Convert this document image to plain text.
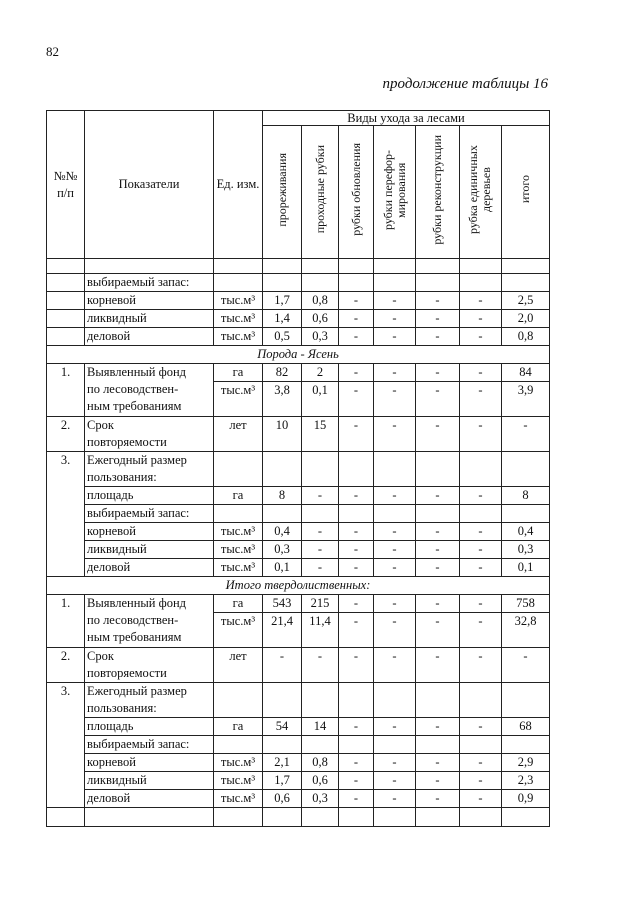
82
продолжение таблицы 16
№№ п/п	Показатели	Ед. изм.	Виды ухода за лесами						
			прореживания	проходные рубки	рубки обновления	рубки перефор-мирования	рубки реконструкции	рубка единичных деревьев	итого

	выбираемый запас:								
	корневой	тыс.м³	1,7	0,8	-	-	-	-	2,5
	ликвидный	тыс.м³	1,4	0,6	-	-	-	-	2,0
	деловой	тыс.м³	0,5	0,3	-	-	-	-	0,8
Порода - Ясень									
1.	Выявленный фонд
по лесоводствен-
ным требованиям	га	82	2	-	-	-	-	84
		тыс.м³	3,8	0,1	-	-	-	-	3,9
2.	Срок
повторяемости	лет	10	15	-	-	-	-	-
3.	Ежегодный размер
пользования:								

	площадь	га	8	-	-	-	-	-	8
	выбираемый запас:								
	корневой	тыс.м³	0,4	-	-	-	-	-	0,4
	ликвидный	тыс.м³	0,3	-	-	-	-	-	0,3
	деловой	тыс.м³	0,1	-	-	-	-	-	0,1
Итого твердолиственных:									
1.	Выявленный фонд
по лесоводствен-
ным требованиям	га	543	215	-	-	-	-	758
		тыс.м³	21,4	11,4	-	-	-	-	32,8
2.	Срок
повторяемости	лет	-	-	-	-	-	-	-
3.	Ежегодный размер
пользования:								

	площадь	га	54	14	-	-	-	-	68
	выбираемый запас:								
	корневой	тыс.м³	2,1	0,8	-	-	-	-	2,9
	ликвидный	тыс.м³	1,7	0,6	-	-	-	-	2,3
	деловой	тыс.м³	0,6	0,3	-	-	-	-	0,9
